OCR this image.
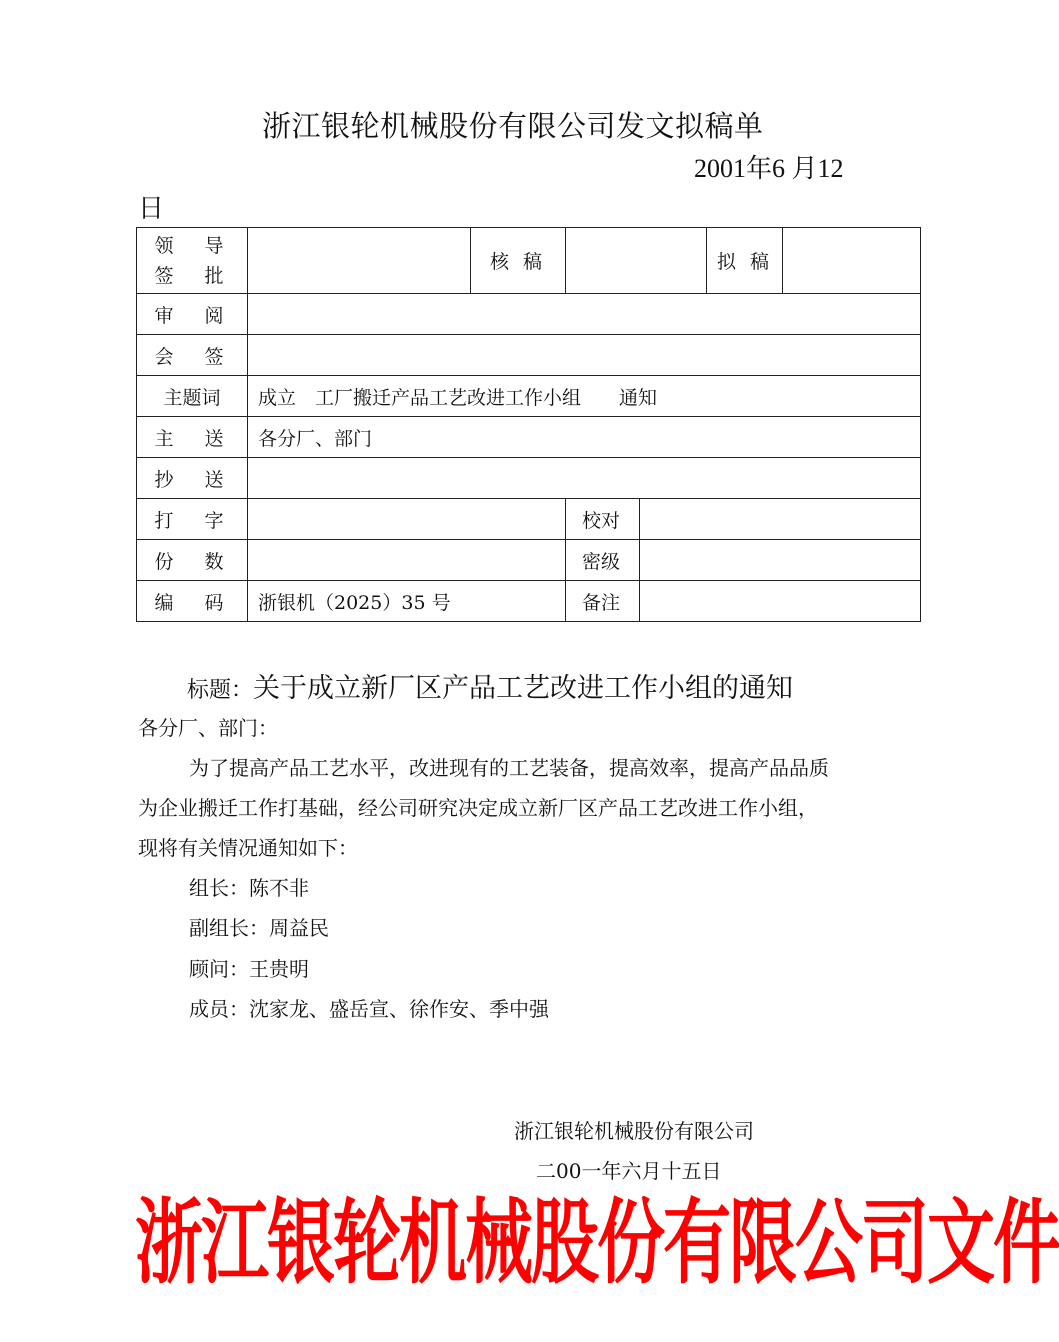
浙江银轮机械股份有限公司发文拟稿单
2001年6 月12
日
领　导
签　批		核 稿			拟 稿	
审　阅						
会　签						
主题词	成立　工厂搬迁产品工艺改进工作小组　　通知					
主　送	各分厂、部门					
抄　送						
打　字			校对			
份　数			密级			
编　码	浙银机（2025）35 号		备注			
标题：关于成立新厂区产品工艺改进工作小组的通知
各分厂、部门：
为了提高产品工艺水平，改进现有的工艺装备，提高效率，提高产品品质
为企业搬迁工作打基础，经公司研究决定成立新厂区产品工艺改进工作小组，
现将有关情况通知如下：
组长：陈不非
副组长：周益民
顾问：王贵明
成员：沈家龙、盛岳宣、徐作安、季中强
浙江银轮机械股份有限公司
二00一年六月十五日
浙江银轮机械股份有限公司文件
